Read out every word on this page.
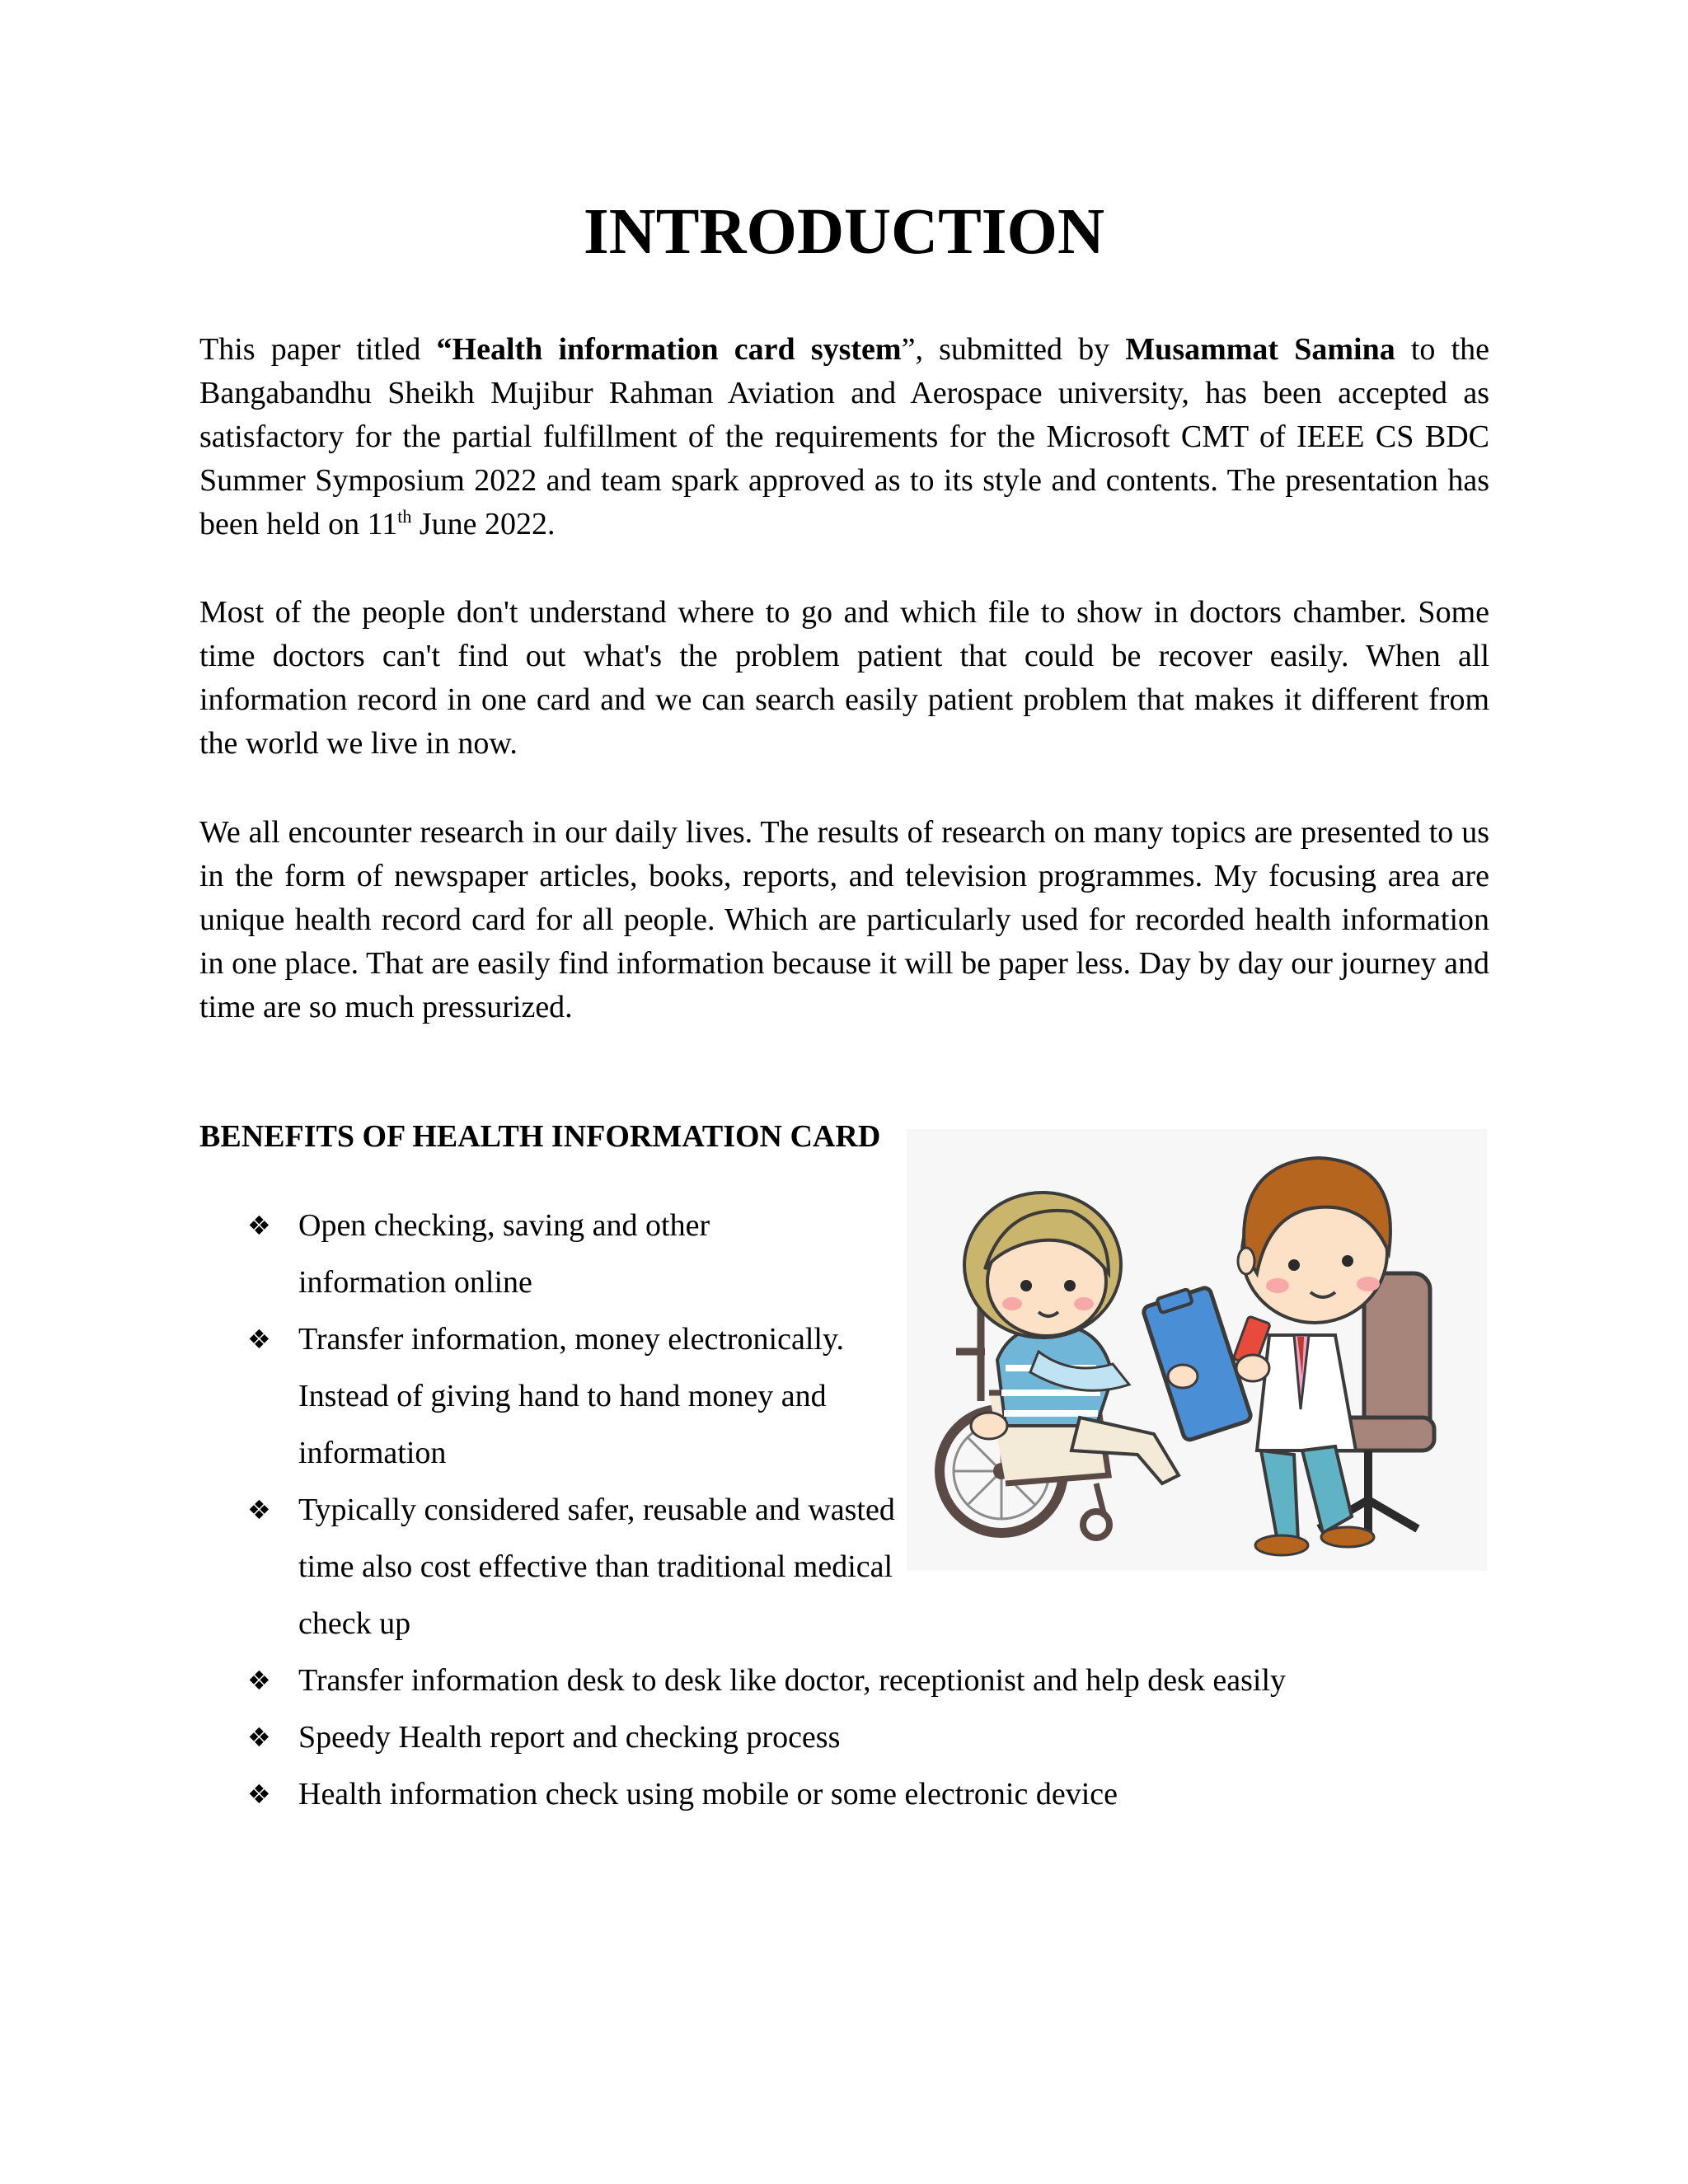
INTRODUCTION

This paper titled “Health information card system”, submitted by Musammat Samina to the Bangabandhu Sheikh Mujibur Rahman Aviation and Aerospace university, has been accepted as satisfactory for the partial fulfillment of the requirements for the Microsoft CMT of IEEE CS BDC Summer Symposium 2022 and team spark approved as to its style and contents. The presentation has been held on 11th June 2022.

Most of the people don't understand where to go and which file to show in doctors chamber. Some time doctors can't find out what's the problem patient that could be recover easily. When all information record in one card and we can search easily patient problem that makes it different from the world we live in now.

We all encounter research in our daily lives. The results of research on many topics are presented to us in the form of newspaper articles, books, reports, and television programmes. My focusing area are unique health record card for all people. Which are particularly used for recorded health information in one place. That are easily find information because it will be paper less. Day by day our journey and time are so much pressurized.

BENEFITS OF HEALTH INFORMATION CARD
❖ Open checking, saving and other information online
❖ Transfer information, money electronically. Instead of giving hand to hand money and information
❖ Typically considered safer, reusable and wasted time also cost effective than traditional medical check up
❖ Transfer information desk to desk like doctor, receptionist and help desk easily
❖ Speedy Health report and checking process
❖ Health information check using mobile or some electronic device
